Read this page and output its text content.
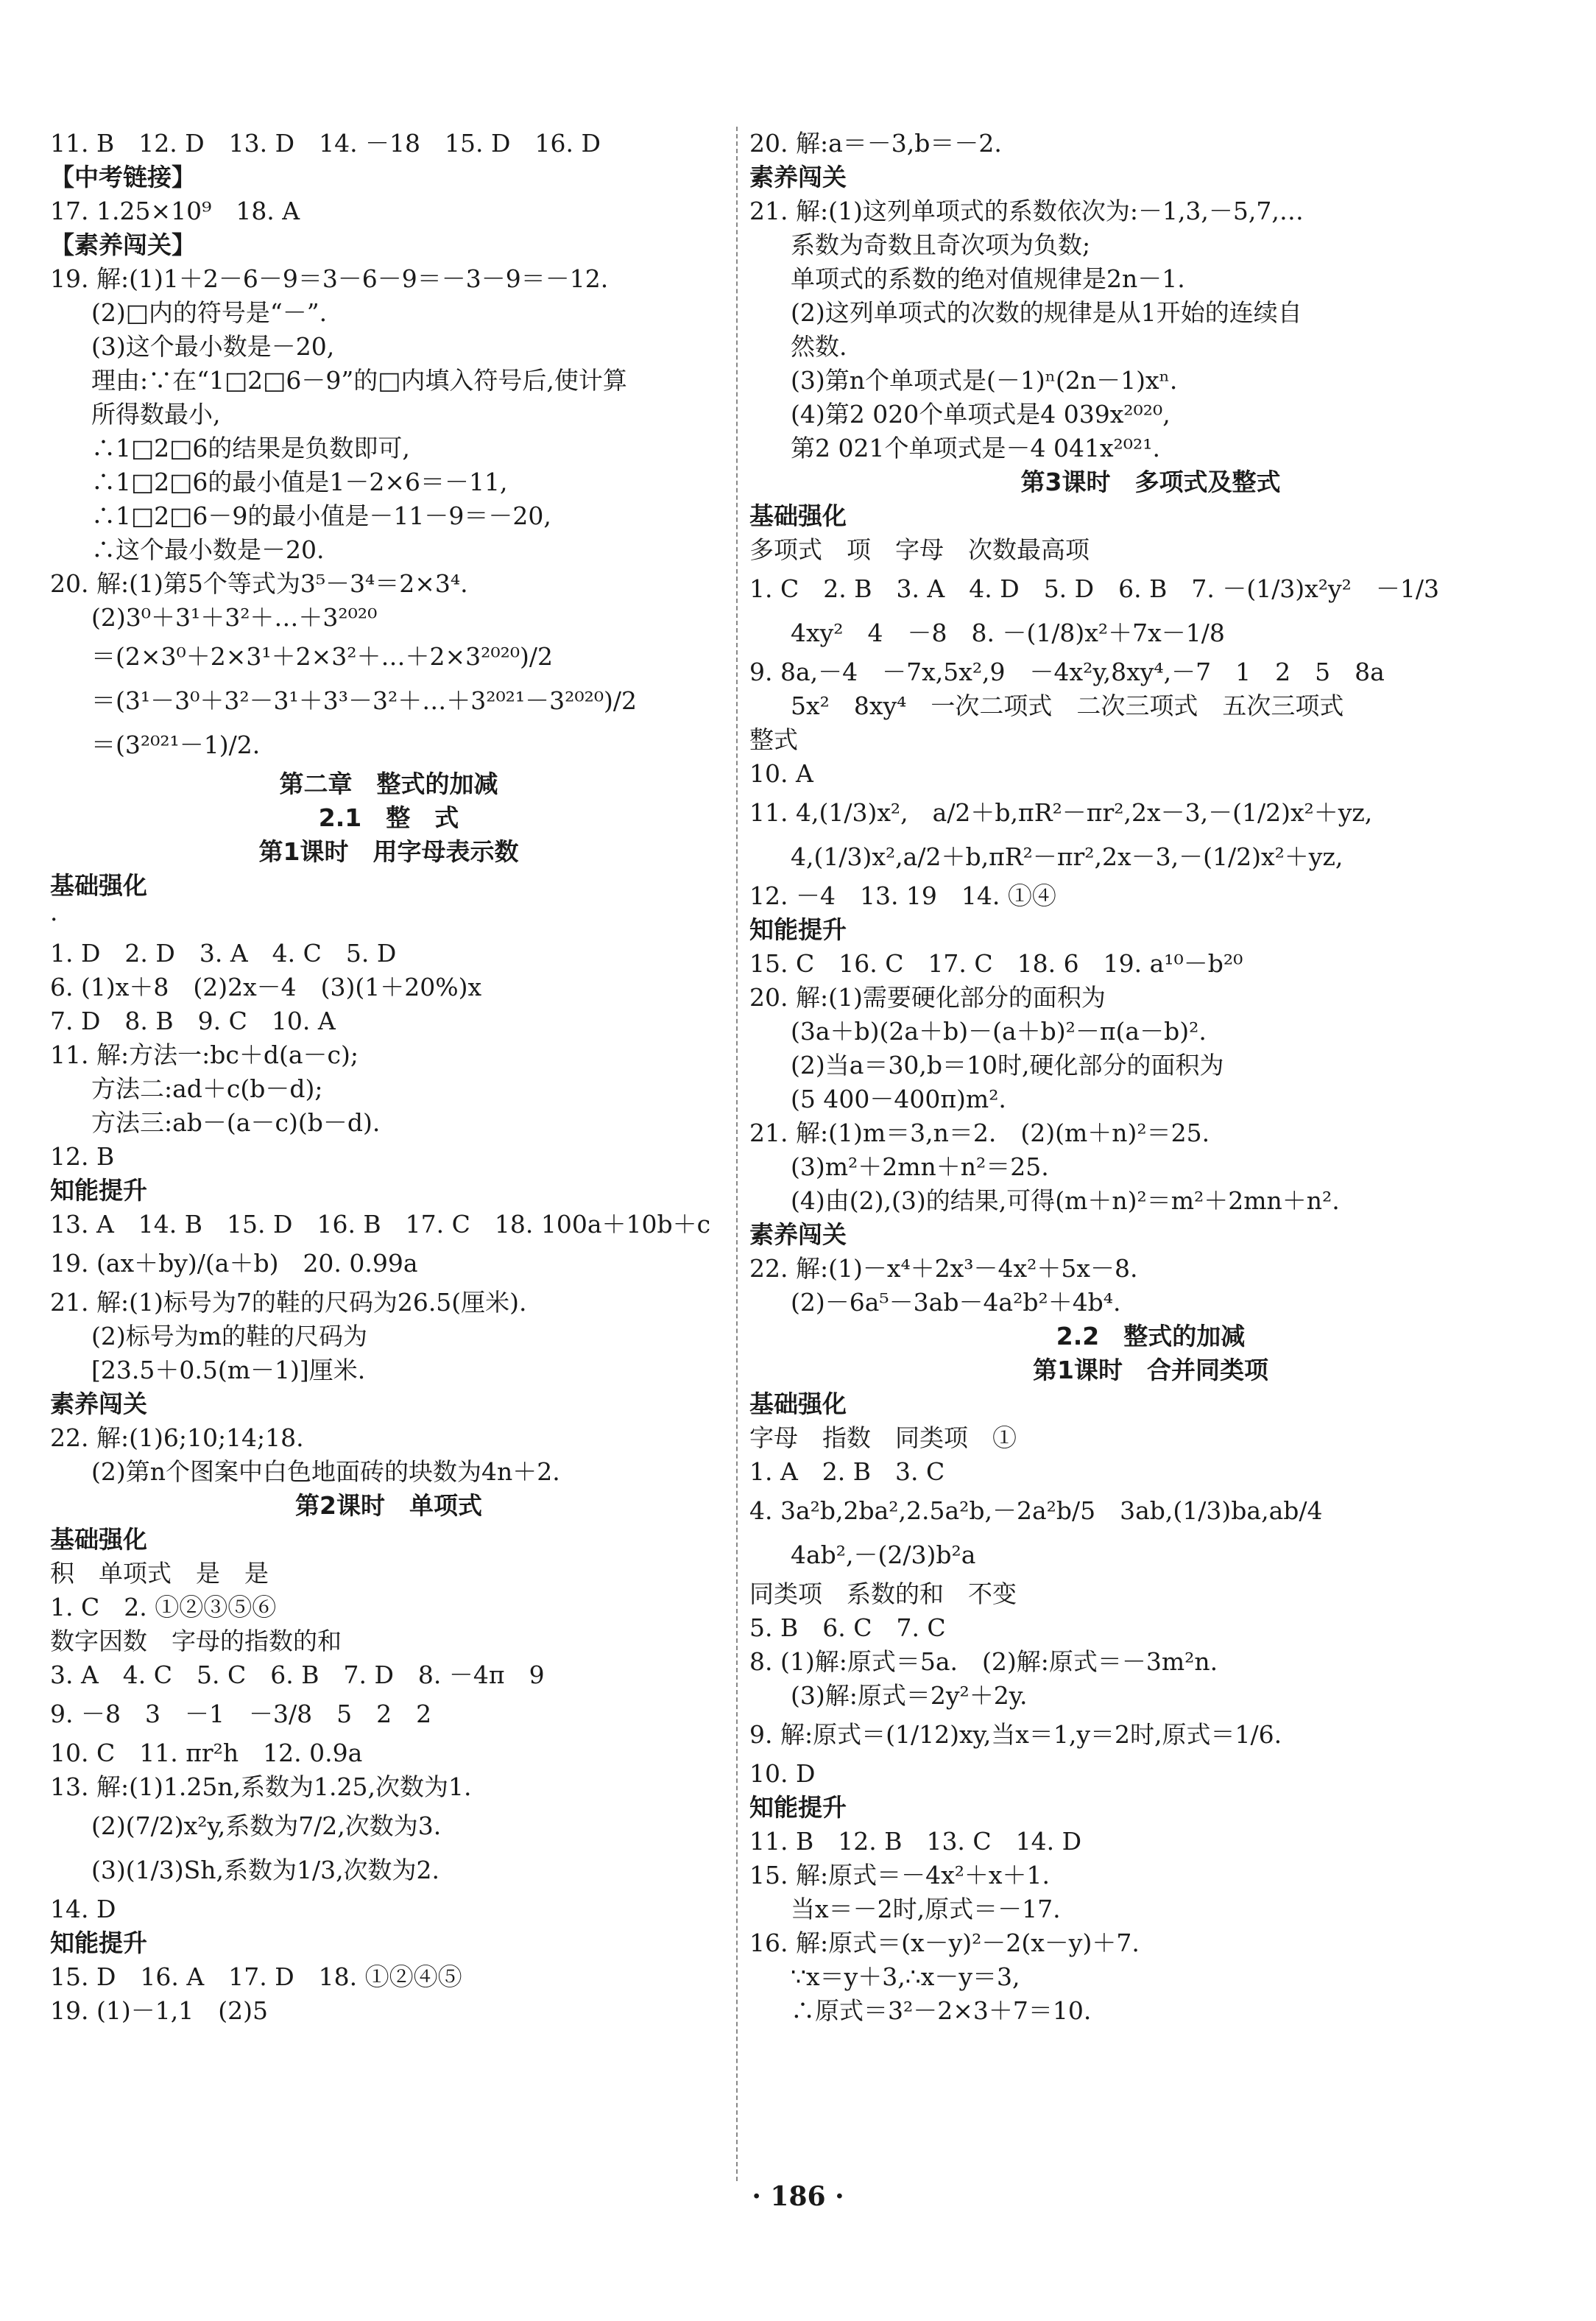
11. B　12. D　13. D　14. －18　15. D　16. D
【中考链接】
17. 1.25×10⁹　18. A
【素养闯关】
19. 解:(1)1＋2－6－9＝3－6－9＝－3－9＝－12.
(2)□内的符号是“－”.
(3)这个最小数是－20,
理由:∵在“1□2□6－9”的□内填入符号后,使计算
所得数最小,
∴1□2□6的结果是负数即可,
∴1□2□6的最小值是1－2×6＝－11,
∴1□2□6－9的最小值是－11－9＝－20,
∴这个最小数是－20.
20. 解:(1)第5个等式为3⁵－3⁴＝2×3⁴.
(2)3⁰＋3¹＋3²＋…＋3²⁰²⁰
＝(2×3⁰＋2×3¹＋2×3²＋…＋2×3²⁰²⁰)/2
＝(3¹－3⁰＋3²－3¹＋3³－3²＋…＋3²⁰²¹－3²⁰²⁰)/2
＝(3²⁰²¹－1)/2.
第二章　整式的加减
2.1　整　式
第1课时　用字母表示数
基础强化
·
1. D　2. D　3. A　4. C　5. D
6. (1)x＋8　(2)2x－4　(3)(1＋20%)x
7. D　8. B　9. C　10. A
11. 解:方法一:bc＋d(a－c);
方法二:ad＋c(b－d);
方法三:ab－(a－c)(b－d).
12. B
知能提升
13. A　14. B　15. D　16. B　17. C　18. 100a＋10b＋c
19. (ax＋by)/(a＋b)　20. 0.99a
21. 解:(1)标号为7的鞋的尺码为26.5(厘米).
(2)标号为m的鞋的尺码为
[23.5＋0.5(m－1)]厘米.
素养闯关
22. 解:(1)6;10;14;18.
(2)第n个图案中白色地面砖的块数为4n＋2.
第2课时　单项式
基础强化
积　单项式　是　是
1. C　2. ①②③⑤⑥
数字因数　字母的指数的和
3. A　4. C　5. C　6. B　7. D　8. －4π　9
9. －8　3　－1　－3/8　5　2　2
10. C　11. πr²h　12. 0.9a
13. 解:(1)1.25n,系数为1.25,次数为1.
(2)(7/2)x²y,系数为7/2,次数为3.
(3)(1/3)Sh,系数为1/3,次数为2.
14. D
知能提升
15. D　16. A　17. D　18. ①②④⑤
19. (1)－1,1　(2)5
20. 解:a＝－3,b＝－2.
素养闯关
21. 解:(1)这列单项式的系数依次为:－1,3,－5,7,…
系数为奇数且奇次项为负数;
单项式的系数的绝对值规律是2n－1.
(2)这列单项式的次数的规律是从1开始的连续自
然数.
(3)第n个单项式是(－1)ⁿ(2n－1)xⁿ.
(4)第2 020个单项式是4 039x²⁰²⁰,
第2 021个单项式是－4 041x²⁰²¹.
第3课时　多项式及整式
基础强化
多项式　项　字母　次数最高项
1. C　2. B　3. A　4. D　5. D　6. B　7. －(1/3)x²y²　－1/3
4xy²　4　－8　8. －(1/8)x²＋7x－1/8
9. 8a,－4　－7x,5x²,9　－4x²y,8xy⁴,－7　1　2　5　8a
5x²　8xy⁴　一次二项式　二次三项式　五次三项式
整式
10. A
11. 4,(1/3)x²,　a/2＋b,πR²－πr²,2x－3,－(1/2)x²＋yz,
4,(1/3)x²,a/2＋b,πR²－πr²,2x－3,－(1/2)x²＋yz,
12. －4　13. 19　14. ①④
知能提升
15. C　16. C　17. C　18. 6　19. a¹⁰－b²⁰
20. 解:(1)需要硬化部分的面积为
(3a＋b)(2a＋b)－(a＋b)²－π(a－b)².
(2)当a＝30,b＝10时,硬化部分的面积为
(5 400－400π)m².
21. 解:(1)m＝3,n＝2.　(2)(m＋n)²＝25.
(3)m²＋2mn＋n²＝25.
(4)由(2),(3)的结果,可得(m＋n)²＝m²＋2mn＋n².
素养闯关
22. 解:(1)－x⁴＋2x³－4x²＋5x－8.
(2)－6a⁵－3ab－4a²b²＋4b⁴.
2.2　整式的加减
第1课时　合并同类项
基础强化
字母　指数　同类项　①
1. A　2. B　3. C
4. 3a²b,2ba²,2.5a²b,－2a²b/5　3ab,(1/3)ba,ab/4
4ab²,－(2/3)b²a
同类项　系数的和　不变
5. B　6. C　7. C
8. (1)解:原式＝5a.　(2)解:原式＝－3m²n.
(3)解:原式＝2y²＋2y.
9. 解:原式＝(1/12)xy,当x＝1,y＝2时,原式＝1/6.
10. D
知能提升
11. B　12. B　13. C　14. D
15. 解:原式＝－4x²＋x＋1.
当x＝－2时,原式＝－17.
16. 解:原式＝(x－y)²－2(x－y)＋7.
∵x＝y＋3,∴x－y＝3,
∴原式＝3²－2×3＋7＝10.
· 186 ·
